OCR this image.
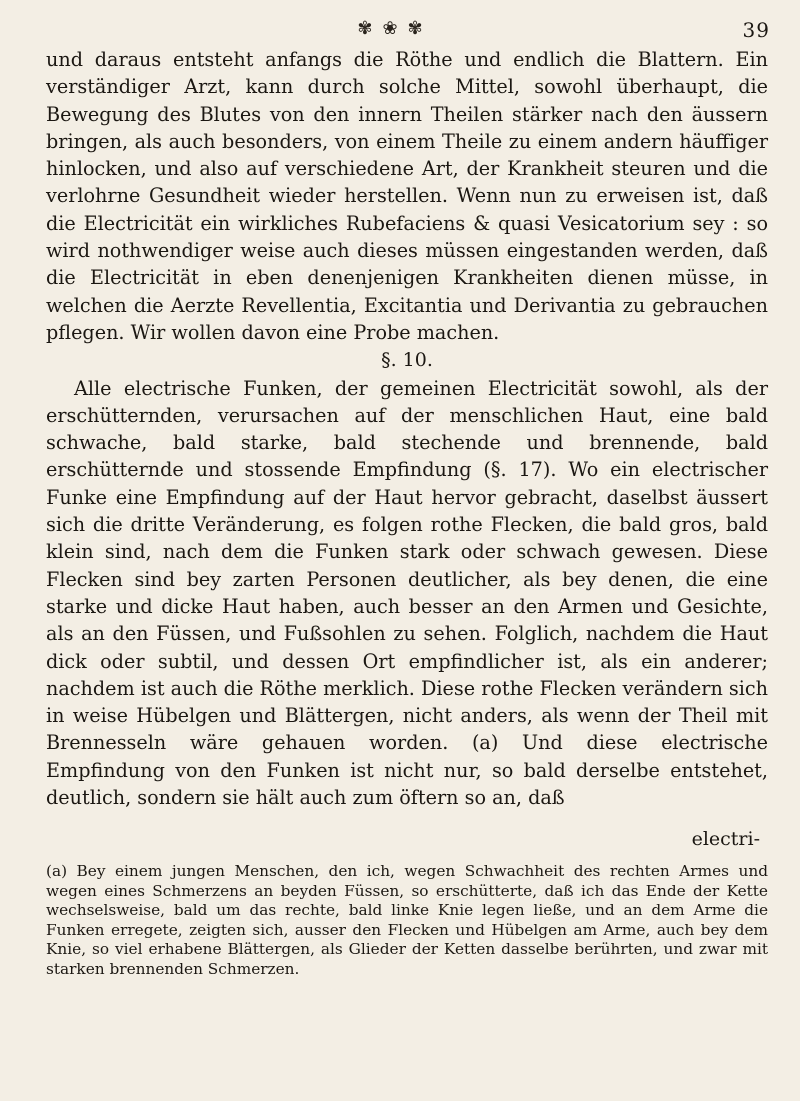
✾ ❀ ✾	39

und daraus entsteht anfangs die Röthe und endlich die Blattern. Ein verständiger Arzt, kann durch solche Mittel, sowohl überhaupt, die Bewegung des Blutes von den innern Theilen stärker nach den äussern bringen, als auch besonders, von einem Theile zu einem andern häuffiger hinlocken, und also auf verschiedene Art, der Krankheit steuren und die verlohrne Gesundheit wieder herstellen. Wenn nun zu erweisen ist, daß die Electricität ein wirkliches Rubefaciens & quasi Vesicatorium sey : so wird nothwendiger weise auch dieses müssen eingestanden werden, daß die Electricität in eben denenjenigen Krankheiten dienen müsse, in welchen die Aerzte Revellentia, Excitantia und Derivantia zu gebrauchen pflegen. Wir wollen davon eine Probe machen.

§. 10.

Alle electrische Funken, der gemeinen Electricität sowohl, als der erschütternden, verursachen auf der menschlichen Haut, eine bald schwache, bald starke, bald stechende und brennende, bald erschütternde und stossende Empfindung (§. 17). Wo ein electrischer Funke eine Empfindung auf der Haut hervor gebracht, daselbst äussert sich die dritte Veränderung, es folgen rothe Flecken, die bald gros, bald klein sind, nach dem die Funken stark oder schwach gewesen. Diese Flecken sind bey zarten Personen deutlicher, als bey denen, die eine starke und dicke Haut haben, auch besser an den Armen und Gesichte, als an den Füssen, und Fußsohlen zu sehen. Folglich, nachdem die Haut dick oder subtil, und dessen Ort empfindlicher ist, als ein anderer; nachdem ist auch die Röthe merklich. Diese rothe Flecken verändern sich in weise Hübelgen und Blättergen, nicht anders, als wenn der Theil mit Brennesseln wäre gehauen worden. (a) Und diese electrische Empfindung von den Funken ist nicht nur, so bald derselbe entstehet, deutlich, sondern sie hält auch zum öftern so an, daß

electri-

(a) Bey einem jungen Menschen, den ich, wegen Schwachheit des rechten Armes und wegen eines Schmerzens an beyden Füssen, so erschütterte, daß ich das Ende der Kette wechselsweise, bald um das rechte, bald linke Knie legen ließe, und an dem Arme die Funken erregete, zeigten sich, ausser den Flecken und Hübelgen am Arme, auch bey dem Knie, so viel erhabene Blättergen, als Glieder der Ketten dasselbe berührten, und zwar mit starken brennenden Schmerzen.
